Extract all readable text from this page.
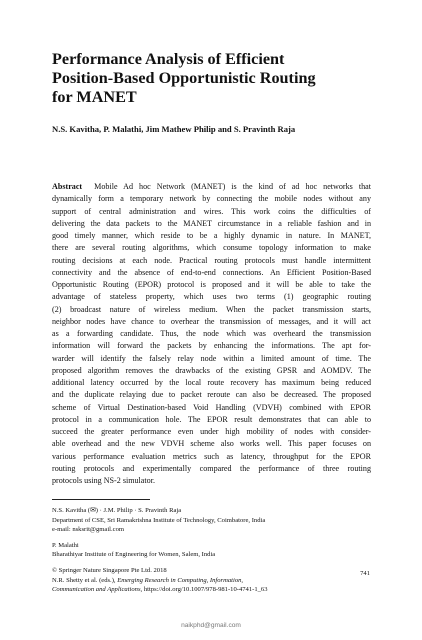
Performance Analysis of Efficient
Position-Based Opportunistic Routing
for MANET
N.S. Kavitha, P. Malathi, Jim Mathew Philip and S. Pravinth Raja
Abstract Mobile Ad hoc Network (MANET) is the kind of ad hoc networks that
dynamically form a temporary network by connecting the mobile nodes without any
support of central administration and wires. This work coins the difficulties of
delivering the data packets to the MANET circumstance in a reliable fashion and in
good timely manner, which reside to be a highly dynamic in nature. In MANET,
there are several routing algorithms, which consume topology information to make
routing decisions at each node. Practical routing protocols must handle intermittent
connectivity and the absence of end-to-end connections. An Efficient Position-Based
Opportunistic Routing (EPOR) protocol is proposed and it will be able to take the
advantage of stateless property, which uses two terms (1) geographic routing
(2) broadcast nature of wireless medium. When the packet transmission starts,
neighbor nodes have chance to overhear the transmission of messages, and it will act
as a forwarding candidate. Thus, the node which was overheard the transmission
information will forward the packets by enhancing the informations. The apt for-
warder will identify the falsely relay node within a limited amount of time. The
proposed algorithm removes the drawbacks of the existing GPSR and AOMDV. The
additional latency occurred by the local route recovery has maximum being reduced
and the duplicate relaying due to packet reroute can also be decreased. The proposed
scheme of Virtual Destination-based Void Handling (VDVH) combined with EPOR
protocol in a communication hole. The EPOR result demonstrates that can able to
succeed the greater performance even under high mobility of nodes with consider-
able overhead and the new VDVH scheme also works well. This paper focuses on
various performance evaluation metrics such as latency, throughput for the EPOR
routing protocols and experimentally compared the performance of three routing
protocols using NS-2 simulator.
N.S. Kavitha (✉) · J.M. Philip · S. Pravinth Raja
Department of CSE, Sri Ramakrishna Institute of Technology, Coimbatore, India
e-mail: nsksrit@gmail.com
P. Malathi
Bharathiyar Institute of Engineering for Women, Salem, India
© Springer Nature Singapore Pte Ltd. 2018
N.R. Shetty et al. (eds.), Emerging Research in Computing, Information,
Communication and Applications, https://doi.org/10.1007/978-981-10-4741-1_63
741
naikphd@gmail.com
